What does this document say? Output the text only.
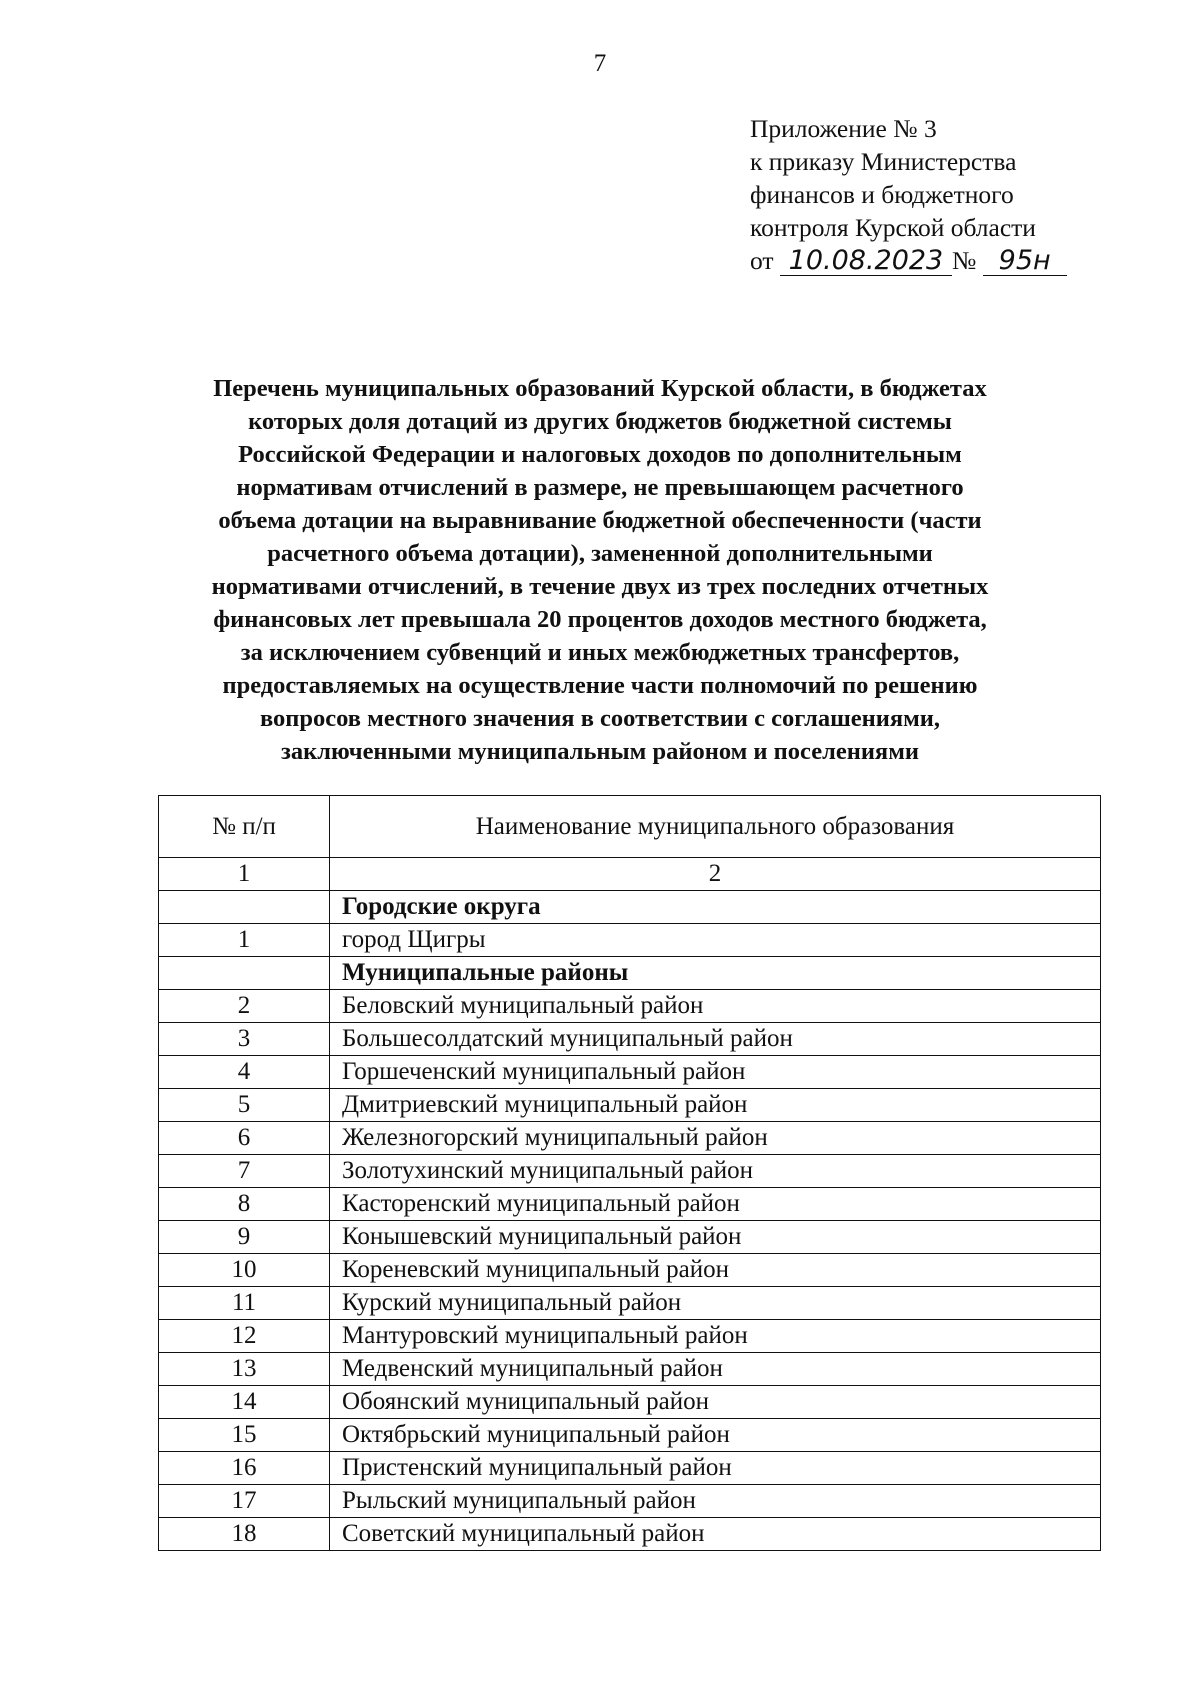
7
Приложение № 3
к приказу Министерства
финансов и бюджетного
контроля Курской области
от 10.08.2023 № 95н
Перечень муниципальных образований Курской области, в бюджетах
которых доля дотаций из других бюджетов бюджетной системы
Российской Федерации и налоговых доходов по дополнительным
нормативам отчислений в размере, не превышающем расчетного
объема дотации на выравнивание бюджетной обеспеченности (части
расчетного объема дотации), замененной дополнительными
нормативами отчислений, в течение двух из трех последних отчетных
финансовых лет превышала 20 процентов доходов местного бюджета,
за исключением субвенций и иных межбюджетных трансфертов,
предоставляемых на осуществление части полномочий по решению
вопросов местного значения в соответствии с соглашениями,
заключенными муниципальным районом и поселениями
№ п/п	Наименование муниципального образования
1	2
	Городские округа
1	город Щигры
	Муниципальные районы
2	Беловский муниципальный район
3	Большесолдатский муниципальный район
4	Горшеченский муниципальный район
5	Дмитриевский муниципальный район
6	Железногорский муниципальный район
7	Золотухинский муниципальный район
8	Касторенский муниципальный район
9	Конышевский муниципальный район
10	Кореневский муниципальный район
11	Курский муниципальный район
12	Мантуровский муниципальный район
13	Медвенский муниципальный район
14	Обоянский муниципальный район
15	Октябрьский муниципальный район
16	Пристенский муниципальный район
17	Рыльский муниципальный район
18	Советский муниципальный район
